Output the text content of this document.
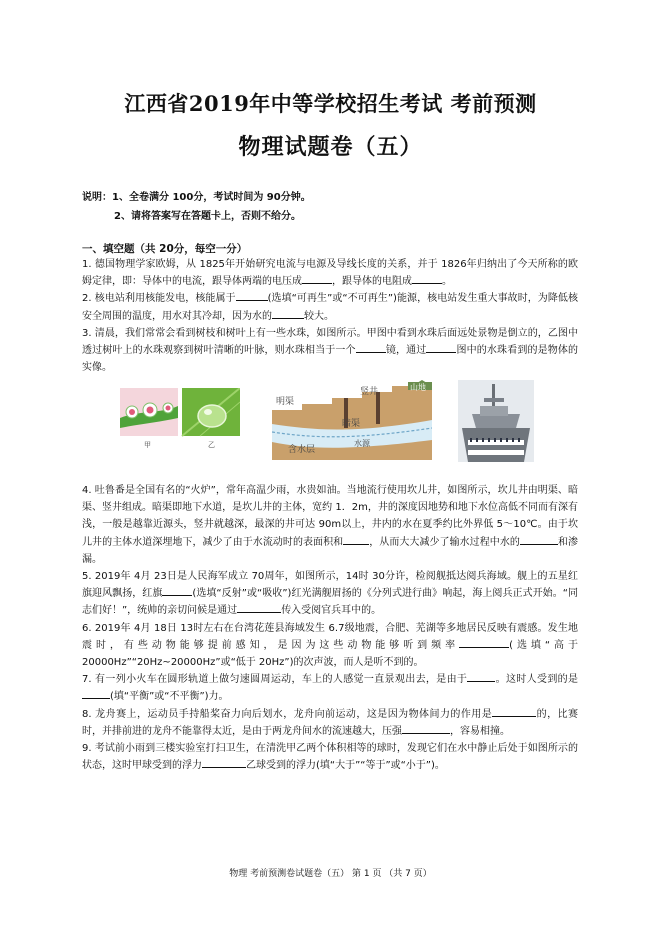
江西省2019年中等学校招生考试 考前预测
物理试题卷（五）
说明：1、全卷满分 100分，考试时间为 90分钟。
2、请将答案写在答题卡上，否则不给分。
一、填空题（共 20分，每空一分）

1. 德国物理学家欧姆，从 1825年开始研究电流与电源及导线长度的关系，并于 1826年归纳出了今天所称的欧姆定律，即：导体中的电流，跟导体两端的电压成	，跟导体的电阻成	。

2. 核电站利用核能发电，核能属于	(选填“可再生”或“不可再生”)能源，核电站发生重大事故时，为降低核安全周围的温度，用水对其冷却，因为水的	较大。

3. 清晨，我们常常会看到树枝和树叶上有一些水珠，如图所示。甲图中看到水珠后面远处景物是倒立的，乙图中透过树叶上的水珠观察到树叶清晰的叶脉，则水珠相当于一个	镜，通过	图中的水珠看到的是物体的实像。

甲	乙
明渠
竖井	山地
暗渠
含水层
水源

4. 吐鲁番是全国有名的“火炉”，常年高温少雨，水贵如油。当地流行使用坎儿井，如图所示，坎儿井由明渠、暗渠、竖井组成。暗渠即地下水道，是坎儿井的主体，宽约 1．2m，井的深度因地势和地下水位高低不同而有深有浅，一般是越靠近源头，竖井就越深，最深的井可达 90m以上，井内的水在夏季约比外界低 5～10℃。由于坎儿井的主体水道深埋地下，减少了由于水流动时的表面积和	，从而大大减少了输水过程中水的	和渗漏。

5. 2019年 4月 23日是人民海军成立 70周年，如图所示，14时 30分许，检阅舰抵达阅兵海域。舰上的五星红旗迎风飘扬，红旗	(选填“反射”或“吸收”)红光满舰眉扬的《分列式进行曲》响起，海上阅兵正式开始。“同志们好！”，统帅的亲切问候是通过	传入受阅官兵耳中的。

6. 2019年 4月 18日 13时左右在台湾花莲县海域发生 6.7级地震，合肥、芜湖等多地居民反映有震感。发生地震时，有些动物能够提前感知，是因为这些动物能够听到频率	(选填“高于 20000Hz”“20Hz~20000Hz”或“低于 20Hz”)的次声波，而人是听不到的。

7. 有一列小火车在圆形轨道上做匀速圆周运动，车上的人感觉一直景观出去，是由于	。这时人受到的是(填“平衡”或“不平衡”)力。

8. 龙舟赛上，运动员手持船桨奋力向后划水，龙舟向前运动，这是因为物体间力的作用是	的，比赛时，并排前进的龙舟不能靠得太近，是由于两龙舟间水的流速越大，压强	，容易相撞。

9. 考试前小雨到三楼实验室打扫卫生，在清洗甲乙两个体积相等的球时，发现它们在水中静止后处于如图所示的状态，这时甲球受到的浮力	乙球受到的浮力(填“大于”“等于”或“小于”)。

物理 考前预测卷试题卷（五） 第 1 页 （共 7 页）
